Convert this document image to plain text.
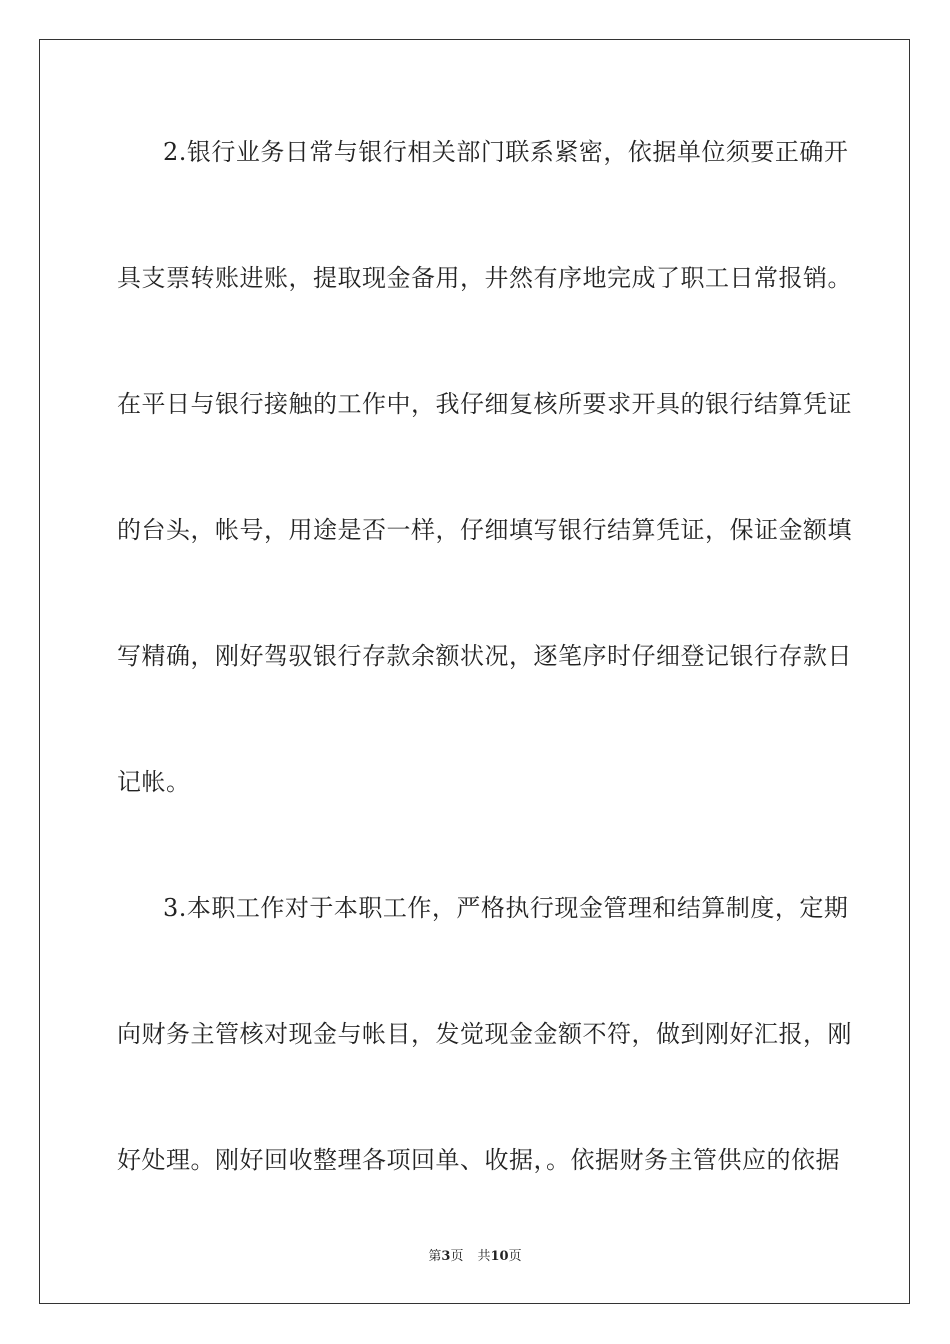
2.银行业务日常与银行相关部门联系紧密，依据单位须要正确开
具支票转账进账，提取现金备用，井然有序地完成了职工日常报销。
在平日与银行接触的工作中，我仔细复核所要求开具的银行结算凭证
的台头，帐号，用途是否一样，仔细填写银行结算凭证，保证金额填
写精确，刚好驾驭银行存款余额状况，逐笔序时仔细登记银行存款日
记帐。
3.本职工作对于本职工作，严格执行现金管理和结算制度，定期
向财务主管核对现金与帐目，发觉现金金额不符，做到刚好汇报，刚
好处理。刚好回收整理各项回单、收据，。依据财务主管供应的依据
第3页 共10页
